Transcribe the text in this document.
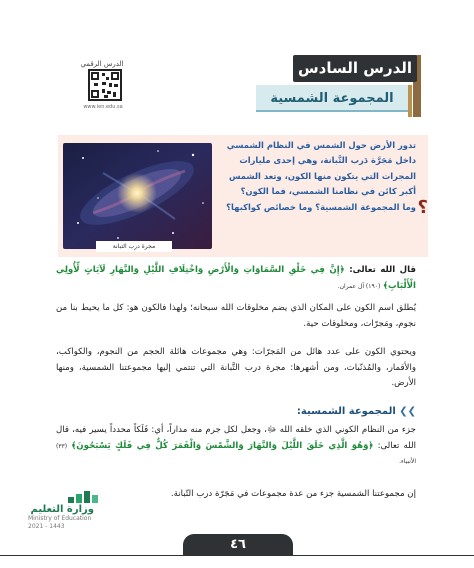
الدرس السادس
المجموعة الشمسية
الدرس الرقمي
www.ien.edu.sa
مجرة درب التبانة
تدور الأرض حول الشمس في النظام الشمسي داخل مَجَرَّة دَرب التَّبانة، وهي إحدى مليارات المجرات التي يتكون منها الكون، وتعد الشمس أكبر كائن في نظامنا الشمسي، فما الكون؟ وما المجموعة الشمسية؟ وما خصائص كواكبها؟ ؟
قال الله تعالى: ﴿إِنَّ فِي خَلْقِ السَّمَاوَاتِ وَالْأَرْضِ وَاخْتِلَافِ اللَّيْلِ وَالنَّهَارِ لَآيَاتٍ لِّأُولِي الْأَلْبَابِ﴾ (١٩٠) آل عمران.
يُطلق اسم الكون على المكان الذي يضم مخلوقات الله سبحانه؛ ولهذا فالكون هو: كل ما يحيط بنا من نجوم، ومَجرّات، ومخلوقات حية.
ويحتوي الكون على عدد هائل من المَجرّات: وهي مجموعات هائلة الحجم من النجوم، والكواكب، والأقمار، والمُذنّبات، ومن أشهرها: مجرة درب التَّبانة التي تنتمي إليها مجموعتنا الشمسية، ومنها الأرض.
❯❯ المجموعة الشمسية:
جزء من النظام الكوني الذي خلقه الله ﷻ، وجعل لكل جرم منه مداراً، أي: فَلَكاً محدداً يسير فيه، قال الله تعالى: ﴿وَهُوَ الَّذِي خَلَقَ اللَّيْلَ وَالنَّهَارَ وَالشَّمْسَ وَالْقَمَرَ كُلٌّ فِي فَلَكٍ يَسْبَحُونَ﴾ (٣٣) الأنبياء.
إن مجموعتنا الشمسية جزء من عدة مجموعات في مَجَرّة درب التّبانة.
وزارة التعليم
Ministry of Education
2021 - 1443
٤٦
